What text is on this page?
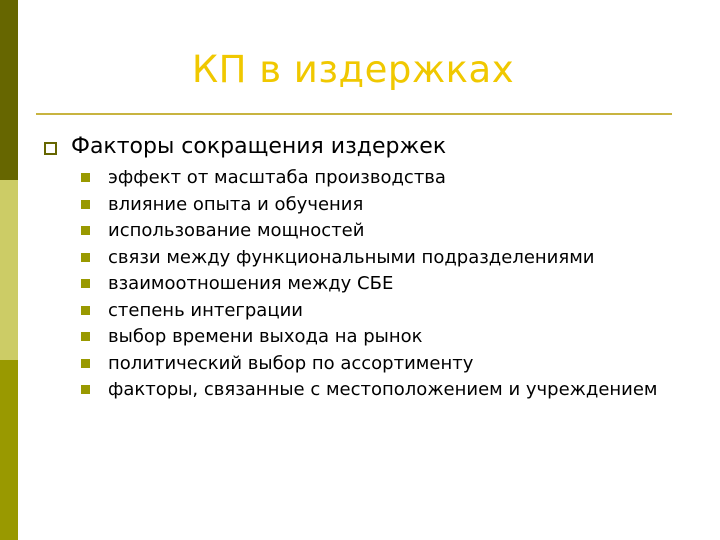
КП в издержках
Факторы сокращения издержек
эффект от масштаба производства
влияние опыта и обучения
использование мощностей
связи между функциональными подразделениями
взаимоотношения между СБЕ
степень интеграции
выбор времени выхода на рынок
политический выбор по ассортименту
факторы, связанные с местоположением и учреждением
